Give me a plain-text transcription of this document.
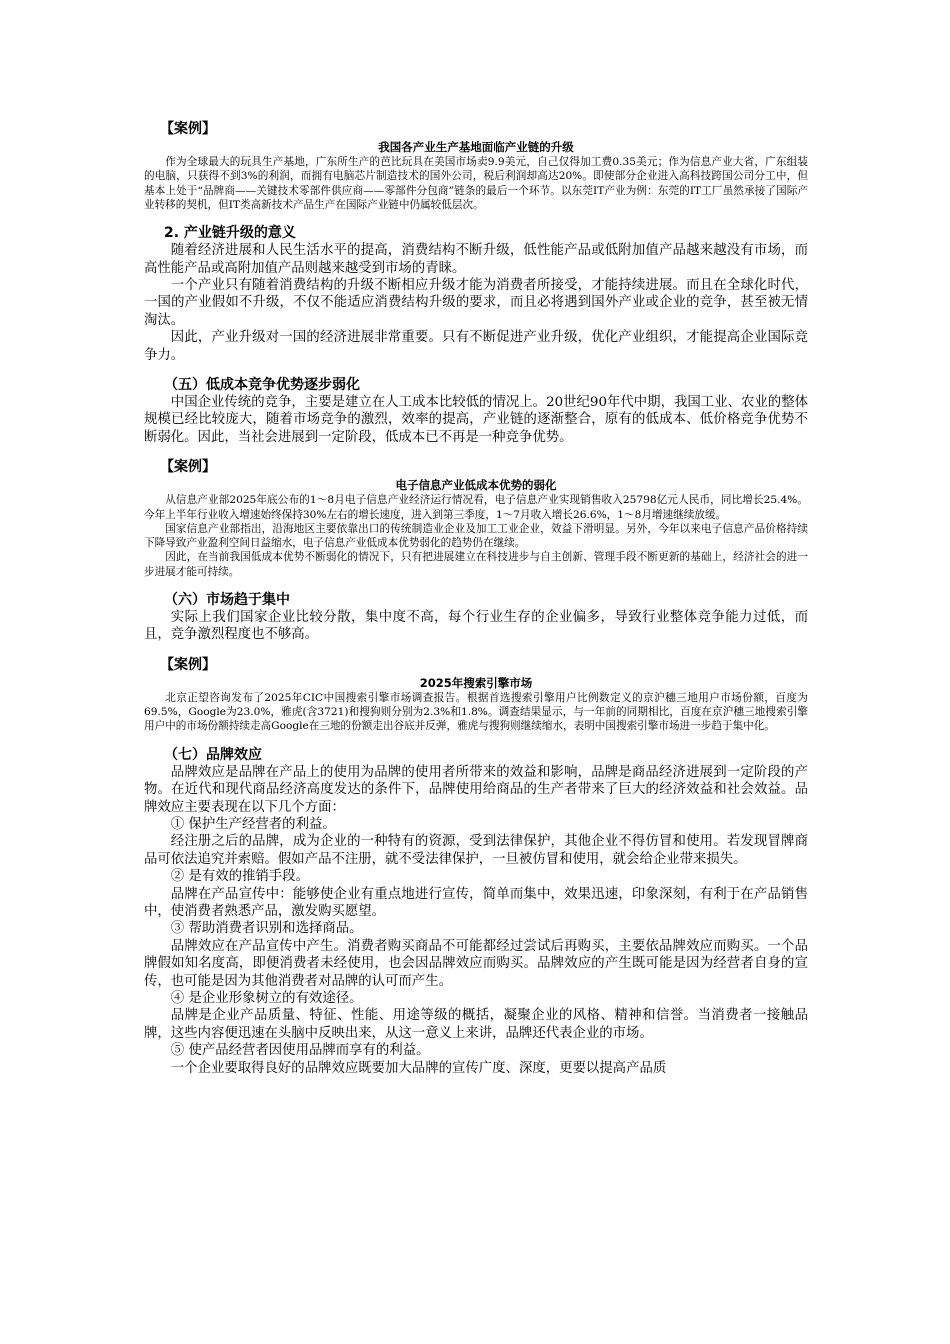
【案例】
我国各产业生产基地面临产业链的升级

作为全球最大的玩具生产基地，广东所生产的芭比玩具在美国市场卖9.9美元，自己仅得加工费0.35美元；作为信息产业大省，广东组装的电脑，只获得不到3%的利润，而拥有电脑芯片制造技术的国外公司，税后利润却高达20%。即使部分企业进入高科技跨国公司分工中，但基本上处于“品牌商——关键技术零部件供应商——零部件分包商”链条的最后一个环节。以东莞IT产业为例：东莞的IT工厂虽然承接了国际产业转移的契机，但IT类高新技术产品生产在国际产业链中仍属较低层次。

2. 产业链升级的意义

随着经济进展和人民生活水平的提高，消费结构不断升级，低性能产品或低附加值产品越来越没有市场，而高性能产品或高附加值产品则越来越受到市场的青睐。

一个产业只有随着消费结构的升级不断相应升级才能为消费者所接受，才能持续进展。而且在全球化时代，一国的产业假如不升级，不仅不能适应消费结构升级的要求，而且必将遇到国外产业或企业的竞争，甚至被无情淘汰。

因此，产业升级对一国的经济进展非常重要。只有不断促进产业升级，优化产业组织，才能提高企业国际竞争力。

（五）低成本竞争优势逐步弱化

中国企业传统的竞争，主要是建立在人工成本比较低的情况上。20世纪90年代中期，我国工业、农业的整体规模已经比较庞大，随着市场竞争的激烈，效率的提高，产业链的逐渐整合，原有的低成本、低价格竞争优势不断弱化。因此，当社会进展到一定阶段，低成本已不再是一种竞争优势。

【案例】
电子信息产业低成本优势的弱化

从信息产业部2025年底公布的1～8月电子信息产业经济运行情况看，电子信息产业实现销售收入25798亿元人民币，同比增长25.4%。今年上半年行业收入增速始终保持30%左右的增长速度，进入到第三季度，1～7月收入增长26.6%，1～8月增速继续放缓。

国家信息产业部指出，沿海地区主要依靠出口的传统制造业企业及加工工业企业，效益下滑明显。另外，今年以来电子信息产品价格持续下降导致产业盈利空间日益缩水，电子信息产业低成本优势弱化的趋势仍在继续。

因此，在当前我国低成本优势不断弱化的情况下，只有把进展建立在科技进步与自主创新、管理手段不断更新的基础上，经济社会的进一步进展才能可持续。

（六）市场趋于集中

实际上我们国家企业比较分散，集中度不高，每个行业生存的企业偏多，导致行业整体竞争能力过低，而且，竞争激烈程度也不够高。

【案例】
2025年搜索引擎市场

北京正望咨询发布了2025年CIC中国搜索引擎市场调查报告。根据首选搜索引擎用户比例数定义的京沪穗三地用户市场份额，百度为69.5%，Google为23.0%，雅虎(含3721)和搜狗则分别为2.3%和1.8%。调查结果显示，与一年前的同期相比，百度在京沪穗三地搜索引擎用户中的市场份额持续走高Google在三地的份额走出谷底并反弹，雅虎与搜狗则继续缩水，表明中国搜索引擎市场进一步趋于集中化。

（七）品牌效应

品牌效应是品牌在产品上的使用为品牌的使用者所带来的效益和影响，品牌是商品经济进展到一定阶段的产物。在近代和现代商品经济高度发达的条件下，品牌使用给商品的生产者带来了巨大的经济效益和社会效益。品牌效应主要表现在以下几个方面：

① 保护生产经营者的利益。

经注册之后的品牌，成为企业的一种特有的资源，受到法律保护，其他企业不得仿冒和使用。若发现冒牌商品可依法追究并索赔。假如产品不注册，就不受法律保护，一旦被仿冒和使用，就会给企业带来损失。

② 是有效的推销手段。

品牌在产品宣传中：能够使企业有重点地进行宣传，简单而集中，效果迅速，印象深刻，有利于在产品销售中，使消费者熟悉产品，激发购买愿望。

③ 帮助消费者识别和选择商品。

品牌效应在产品宣传中产生。消费者购买商品不可能都经过尝试后再购买，主要依品牌效应而购买。一个品牌假如知名度高，即便消费者未经使用，也会因品牌效应而购买。品牌效应的产生既可能是因为经营者自身的宣传，也可能是因为其他消费者对品牌的认可而产生。

④ 是企业形象树立的有效途径。

品牌是企业产品质量、特征、性能、用途等级的概括，凝聚企业的风格、精神和信誉。当消费者一接触品牌，这些内容便迅速在头脑中反映出来，从这一意义上来讲，品牌还代表企业的市场。

⑤ 使产品经营者因使用品牌而享有的利益。

一个企业要取得良好的品牌效应既要加大品牌的宣传广度、深度，更要以提高产品质
